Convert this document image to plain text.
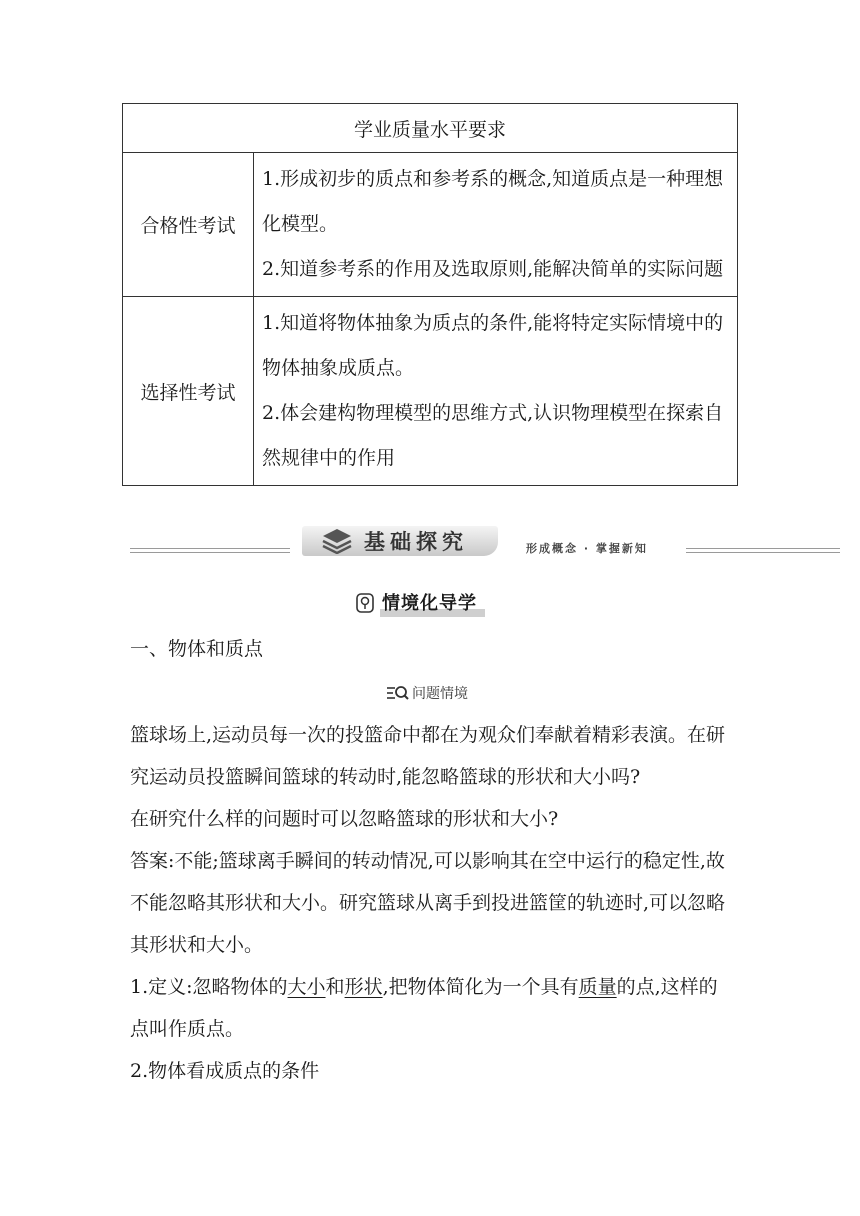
学业质量水平要求	
合格性考试	1.形成初步的质点和参考系的概念,知道质点是一种理想化模型。

2.知道参考系的作用及选取原则,能解决简单的实际问题

选择性考试	1.知道将物体抽象为质点的条件,能将特定实际情境中的物体抽象成质点。

2.体会建构物理模型的思维方式,认识物理模型在探索自然规律中的作用

基础探究	形成概念 · 掌握新知
情境化导学
一、物体和质点
问题情境

篮球场上,运动员每一次的投篮命中都在为观众们奉献着精彩表演。在研究运动员投篮瞬间篮球的转动时,能忽略篮球的形状和大小吗?

在研究什么样的问题时可以忽略篮球的形状和大小?

答案:不能;篮球离手瞬间的转动情况,可以影响其在空中运行的稳定性,故不能忽略其形状和大小。研究篮球从离手到投进篮筐的轨迹时,可以忽略其形状和大小。

1.定义:忽略物体的大小和形状,把物体简化为一个具有质量的点,这样的点叫作质点。

2.物体看成质点的条件
